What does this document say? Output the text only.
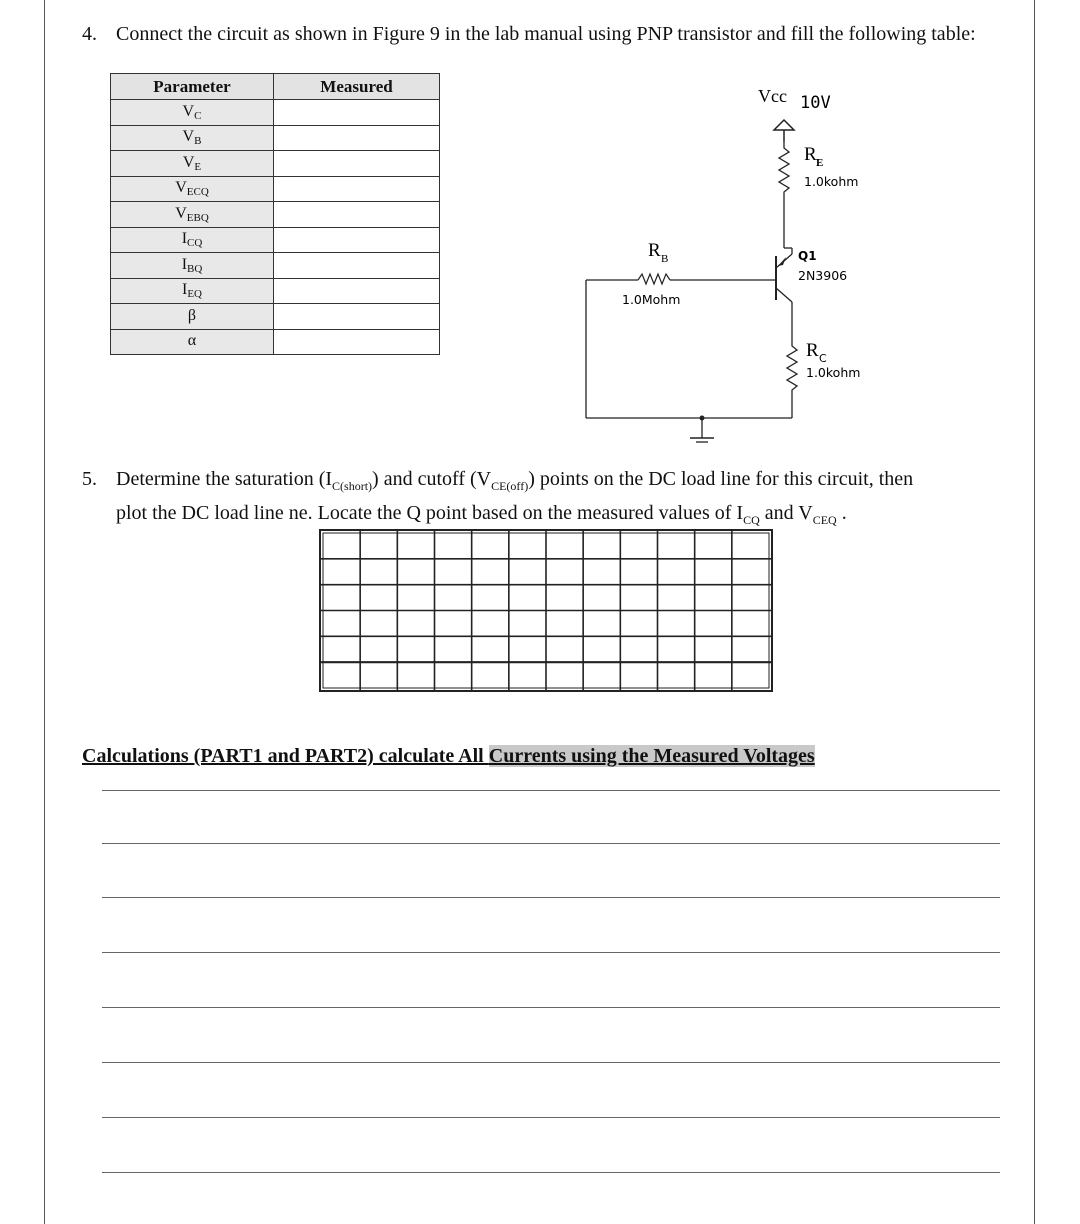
4. Connect the circuit as shown in Figure 9 in the lab manual using PNP transistor and fill the following table:
Parameter	Measured
VC	
VB	
VE	
VECQ	
VEBQ	
ICQ	
IBQ	
IEQ	
β	
α	
Vcc 10V
R E
1.0kohm
R B
1.0Mohm
Q1
2N3906
R C
1.0kohm
5. Determine the saturation $(I_{C(short)})$ and cutoff $(V_{CE(off)})$ points on the DC load line for this circuit, then
plot the DC load line ne. Locate the Q point based on the measured values of $I_{CQ}$ and $V_{CEQ}$ .
Calculations (PART1 and PART2) calculate All Currents using the Measured Voltages
